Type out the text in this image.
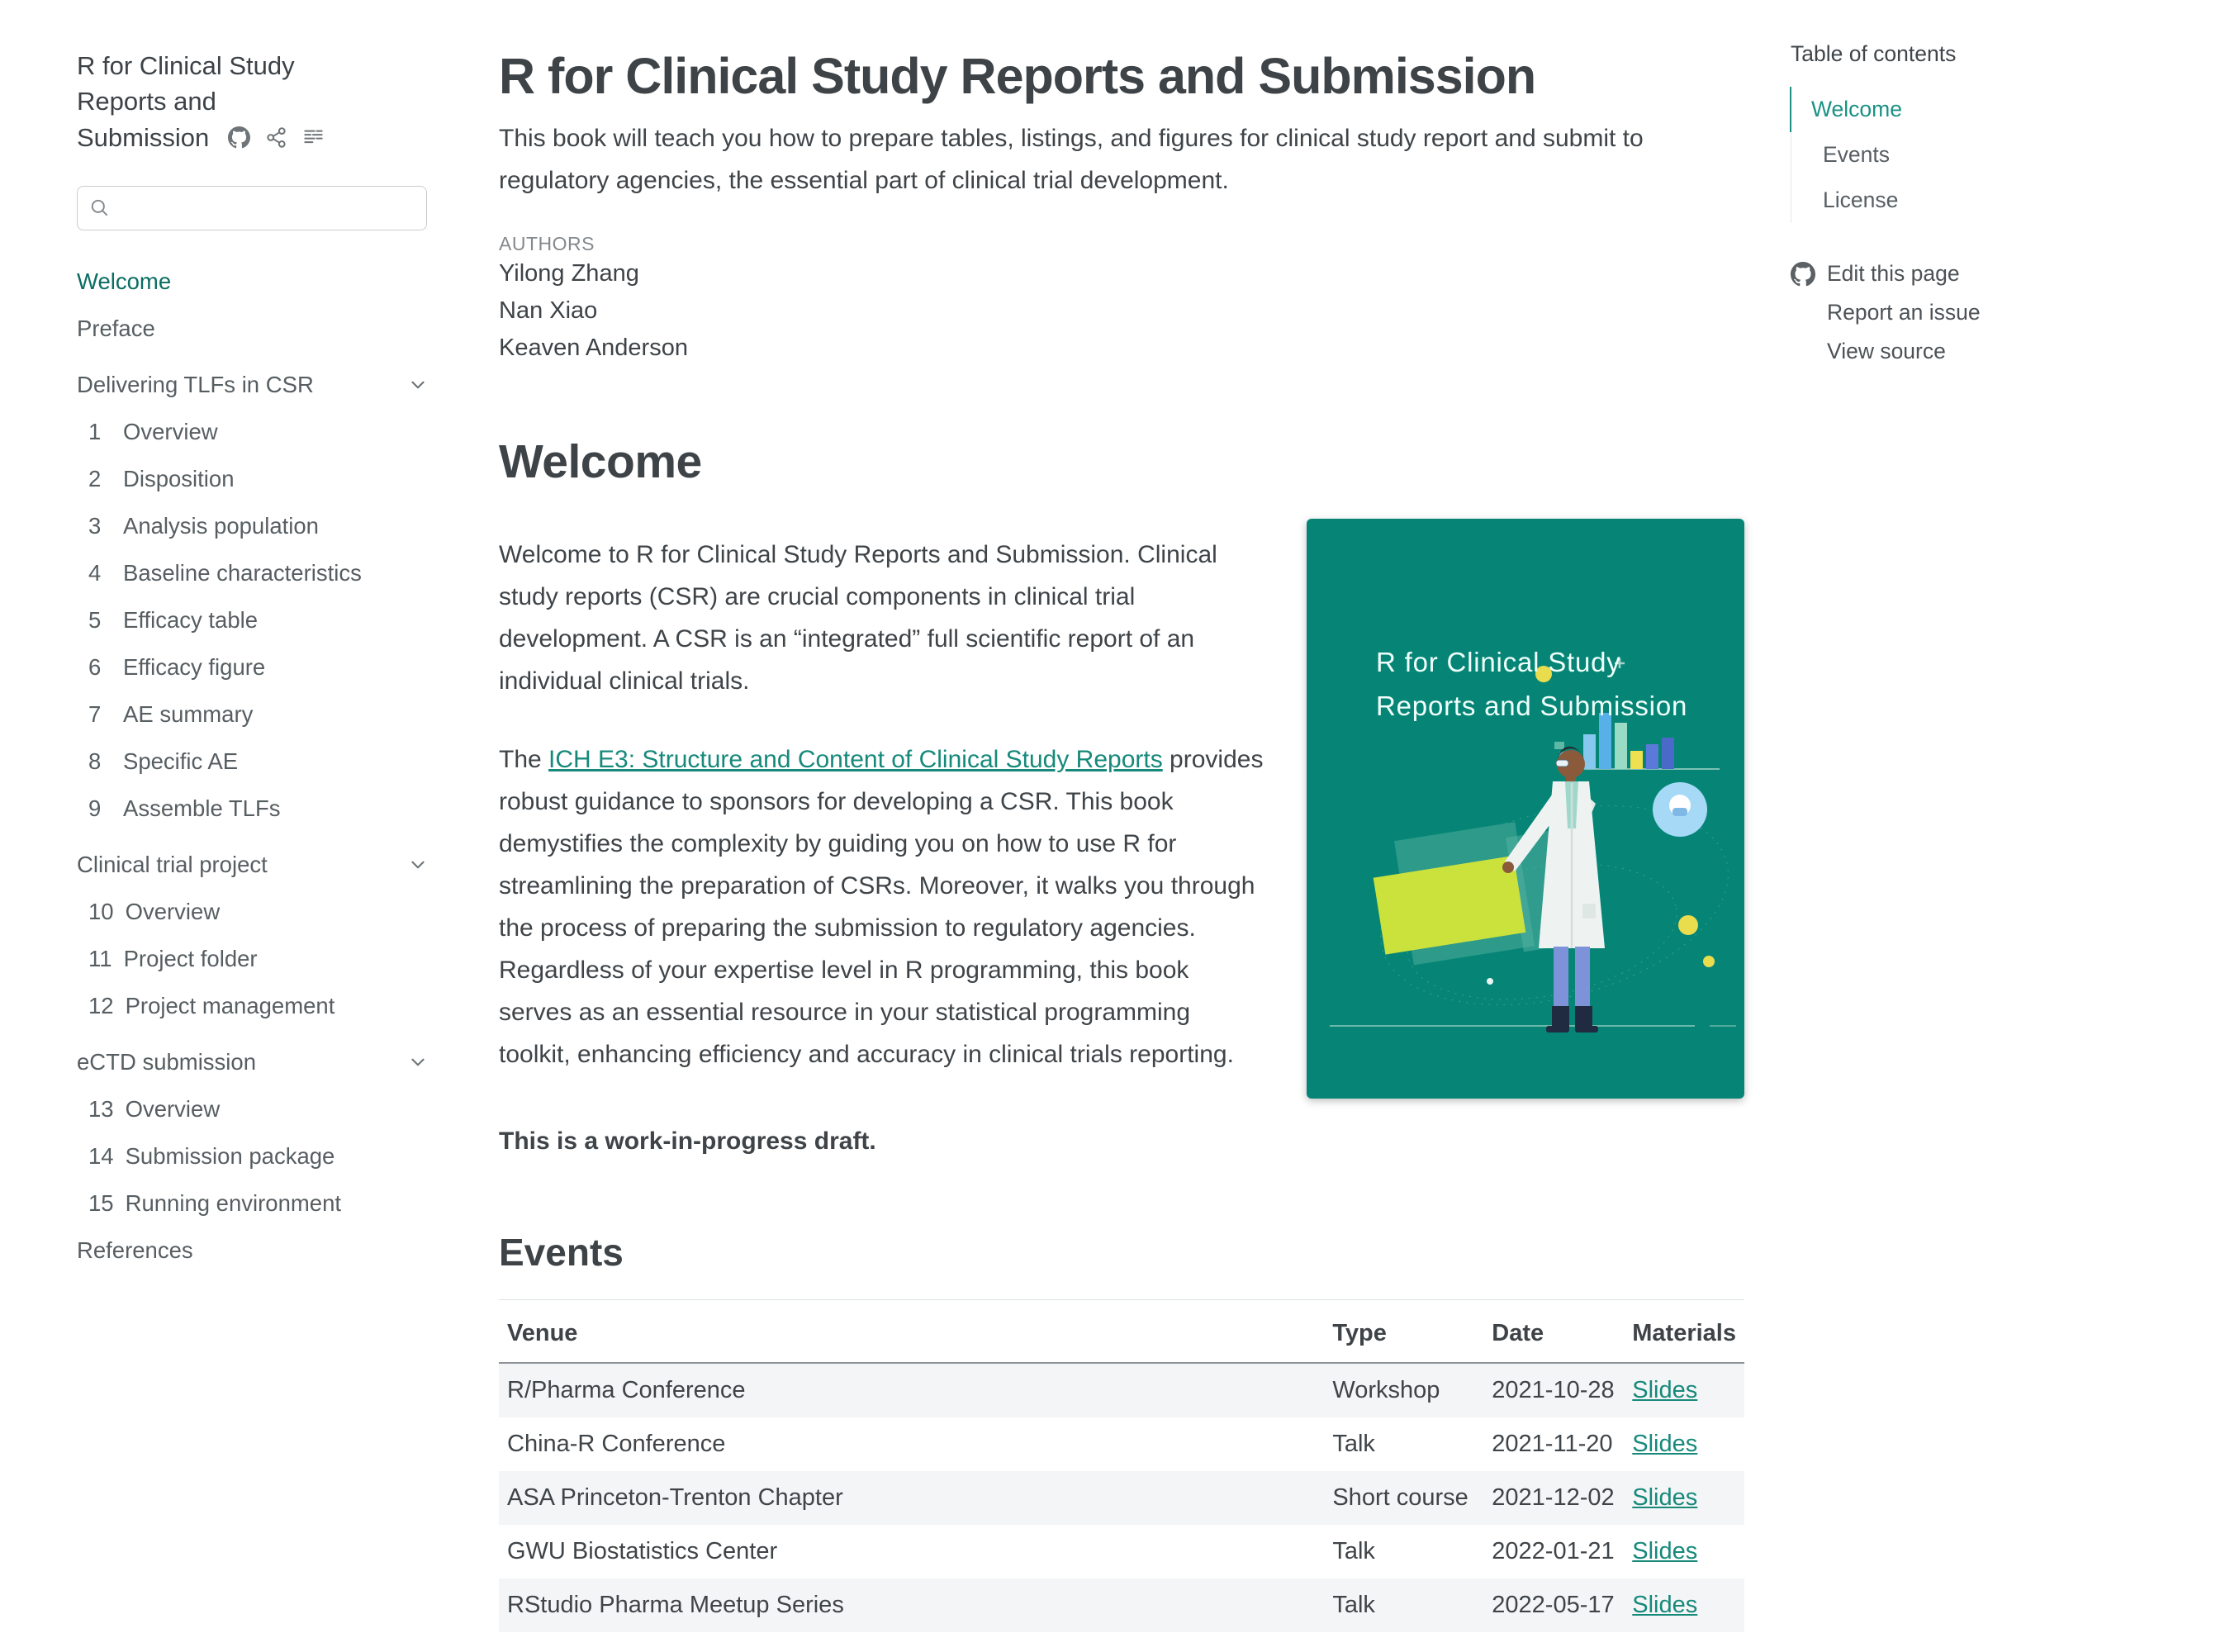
R for Clinical Study Reports and Submission
Welcome
Preface
Delivering TLFs in CSR
1 Overview
2 Disposition
3 Analysis population
4 Baseline characteristics
5 Efficacy table
6 Efficacy figure
7 AE summary
8 Specific AE
9 Assemble TLFs
Clinical trial project
10 Overview
11 Project folder
12 Project management
eCTD submission
13 Overview
14 Submission package
15 Running environment
References
R for Clinical Study Reports and Submission

This book will teach you how to prepare tables, listings, and figures for clinical study report and submit to regulatory agencies, the essential part of clinical trial development.

AUTHORS
Yilong Zhang
Nan Xiao
Keaven Anderson
Welcome
R for Clinical Study
Reports and Submission

Welcome to R for Clinical Study Reports and Submission. Clinical study reports (CSR) are crucial components in clinical trial development. A CSR is an “integrated” full scientific report of an individual clinical trials.

The ICH E3: Structure and Content of Clinical Study Reports provides robust guidance to sponsors for developing a CSR. This book demystifies the complexity by guiding you on how to use R for streamlining the preparation of CSRs. Moreover, it walks you through the process of preparing the submission to regulatory agencies. Regardless of your expertise level in R programming, this book serves as an essential resource in your statistical programming toolkit, enhancing efficiency and accuracy in clinical trials reporting.

This is a work-in-progress draft.

Events
Venue	Type	Date	Materials
R/Pharma Conference	Workshop	2021-10-28	Slides
China-R Conference	Talk	2021-11-20	Slides
ASA Princeton-Trenton Chapter	Short course	2021-12-02	Slides
GWU Biostatistics Center	Talk	2022-01-21	Slides
RStudio Pharma Meetup Series	Talk	2022-05-17	Slides
Table of contents
Welcome
Events
License
Edit this page
Report an issue
View source
